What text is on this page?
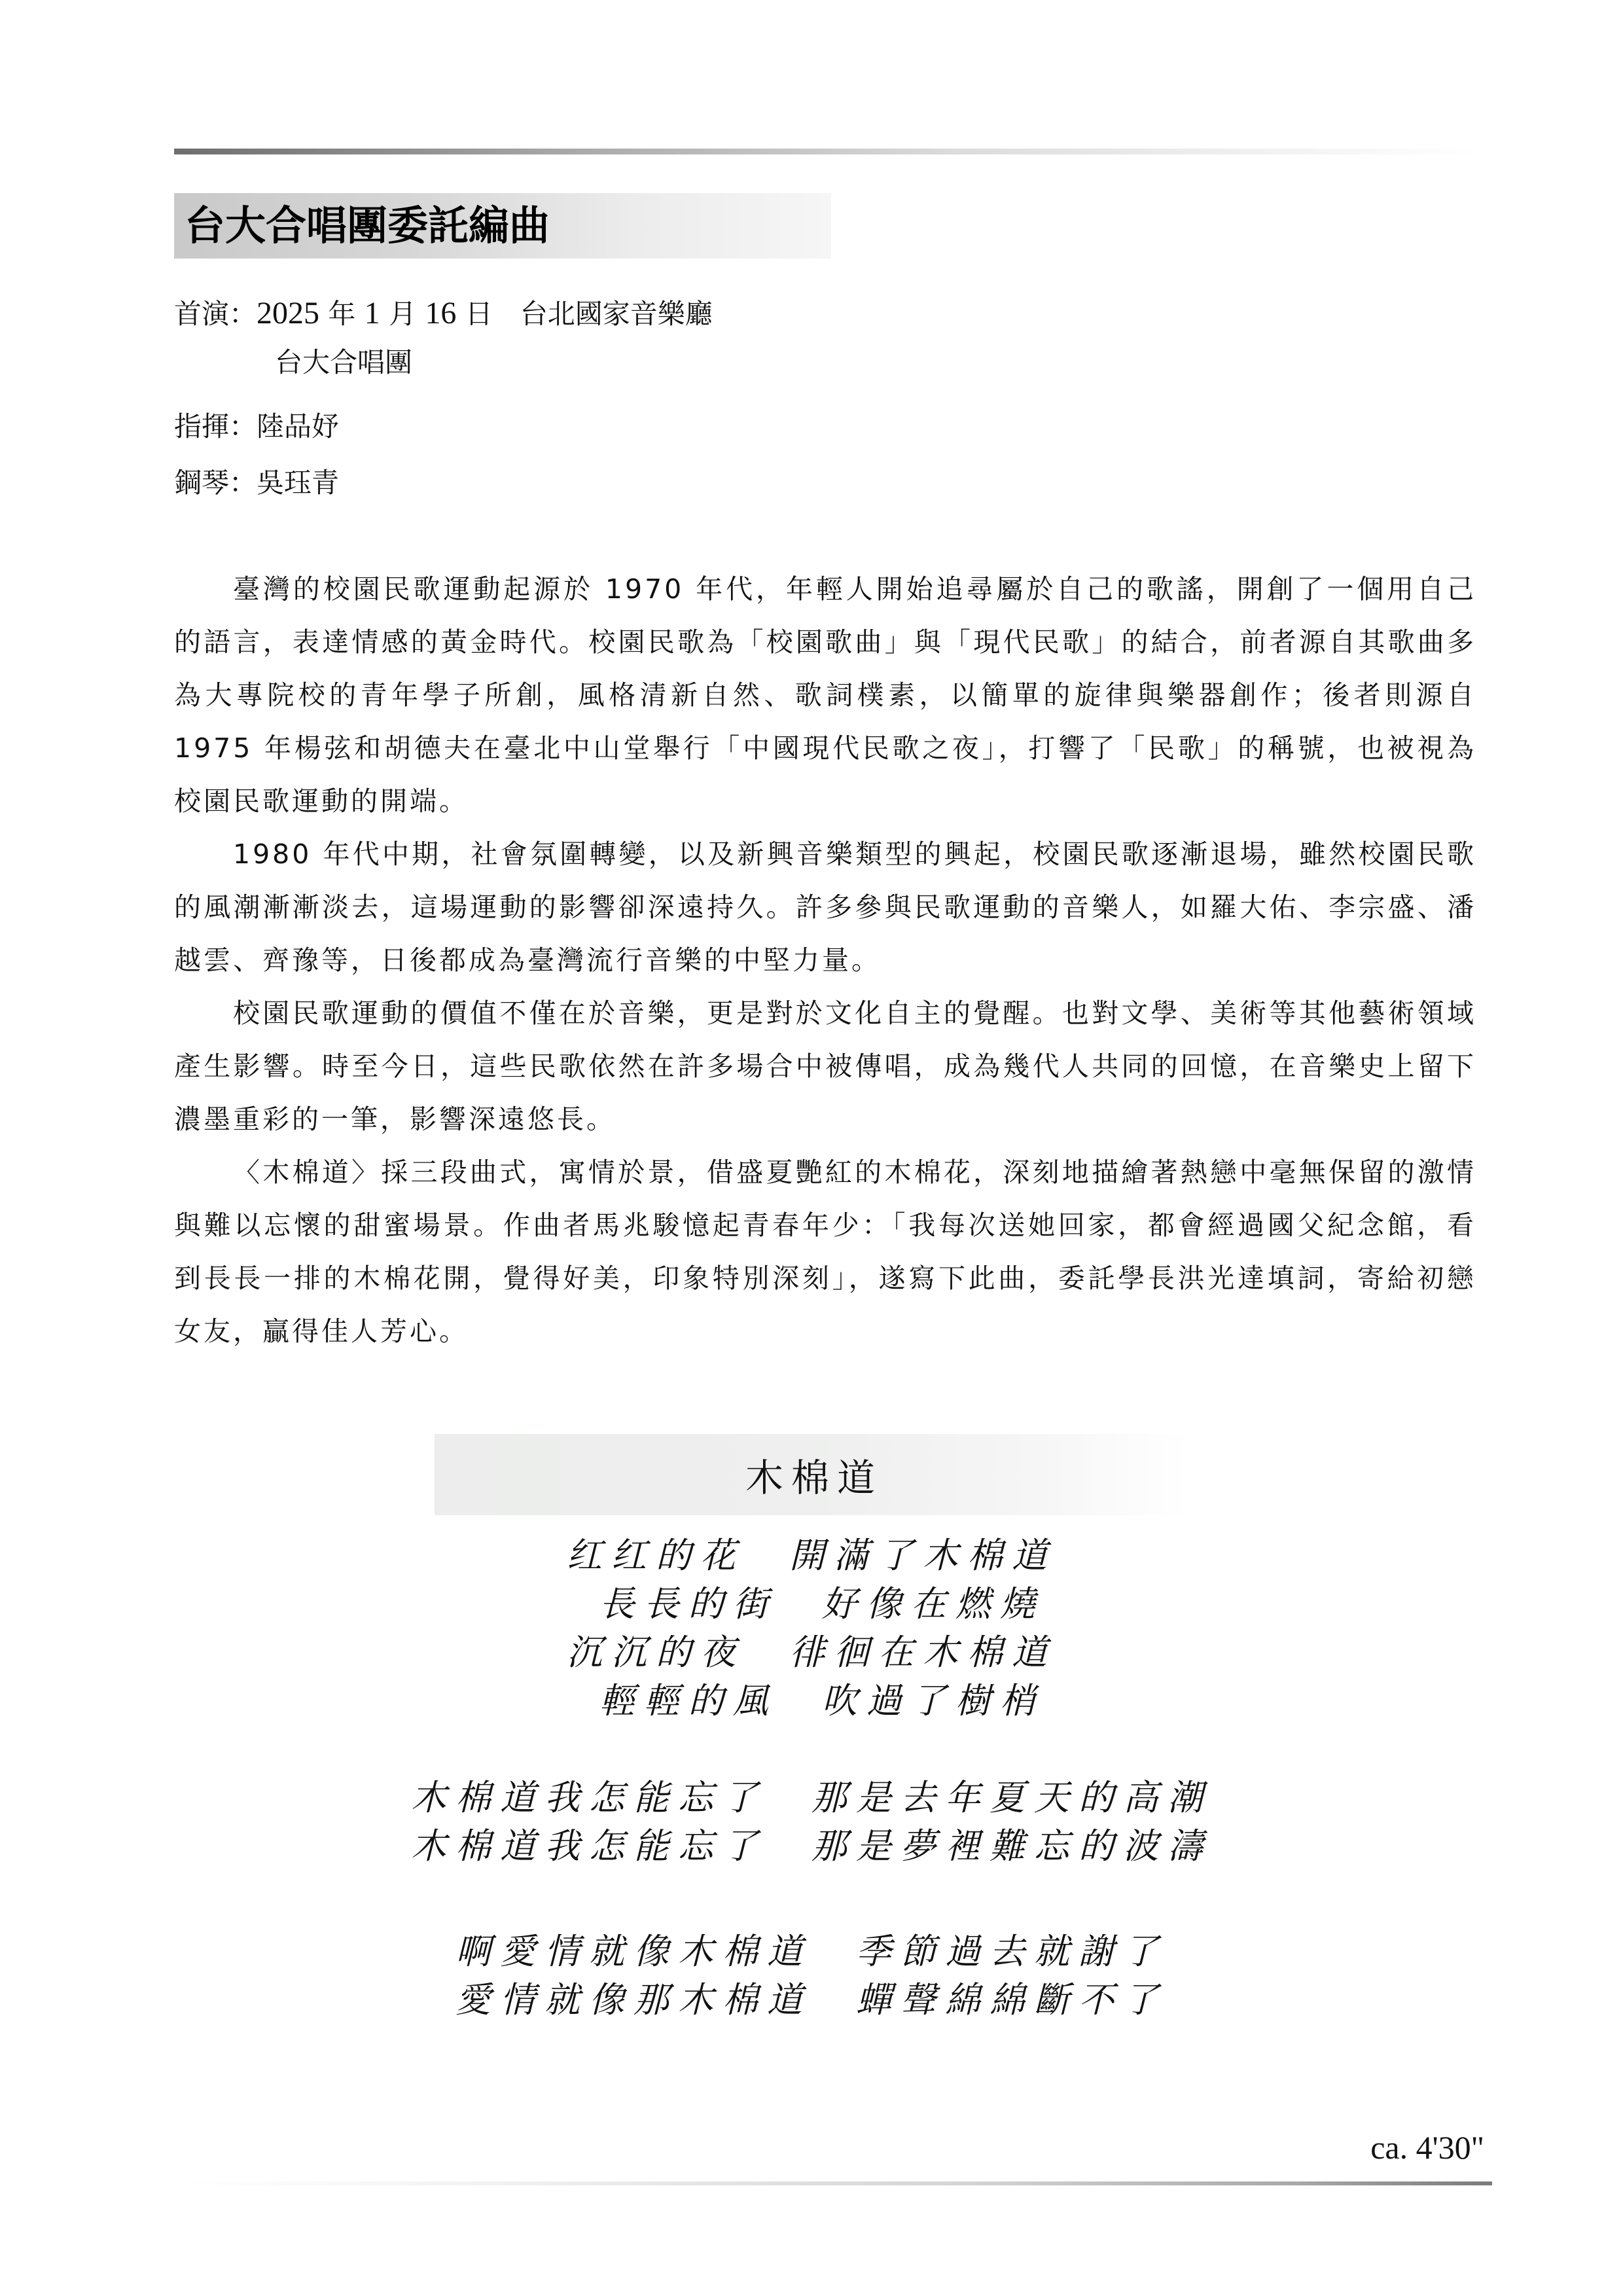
台大合唱團委託編曲
首演： 2025 年 1 月 16 日　 台北國家音樂廳
台大合唱團
指揮： 陸品妤
鋼琴： 吳珏青

臺灣的校園民歌運動起源於 1970 年代，年輕人開始追尋屬於自己的歌謠，開創了一個用自己的語言，表達情感的黃金時代。校園民歌為「校園歌曲」與「現代民歌」的結合，前者源自其歌曲多為大專院校的青年學子所創，風格清新自然、歌詞樸素，以簡單的旋律與樂器創作；後者則源自 1975 年楊弦和胡德夫在臺北中山堂舉行「中國現代民歌之夜」，打響了「民歌」的稱號，也被視為校園民歌運動的開端。

1980 年代中期，社會氛圍轉變，以及新興音樂類型的興起，校園民歌逐漸退場，雖然校園民歌的風潮漸漸淡去，這場運動的影響卻深遠持久。許多參與民歌運動的音樂人，如羅大佑、李宗盛、潘越雲、齊豫等，日後都成為臺灣流行音樂的中堅力量。

校園民歌運動的價值不僅在於音樂，更是對於文化自主的覺醒。也對文學、美術等其他藝術領域產生影響。時至今日，這些民歌依然在許多場合中被傳唱，成為幾代人共同的回憶，在音樂史上留下濃墨重彩的一筆，影響深遠悠長。

〈木棉道〉採三段曲式，寓情於景，借盛夏艷紅的木棉花，深刻地描繪著熱戀中毫無保留的激情與難以忘懷的甜蜜場景。作曲者馬兆駿憶起青春年少：「我每次送她回家，都會經過國父紀念館，看到長長一排的木棉花開，覺得好美，印象特別深刻」，遂寫下此曲，委託學長洪光達填詞，寄給初戀女友，贏得佳人芳心。

木棉道
红红的花　開滿了木棉道
長長的街　好像在燃燒
沉沉的夜　徘徊在木棉道
輕輕的風　吹過了樹梢
木棉道我怎能忘了　那是去年夏天的高潮
木棉道我怎能忘了　那是夢裡難忘的波濤
啊愛情就像木棉道　季節過去就謝了
愛情就像那木棉道　蟬聲綿綿斷不了
ca. 4'30"
